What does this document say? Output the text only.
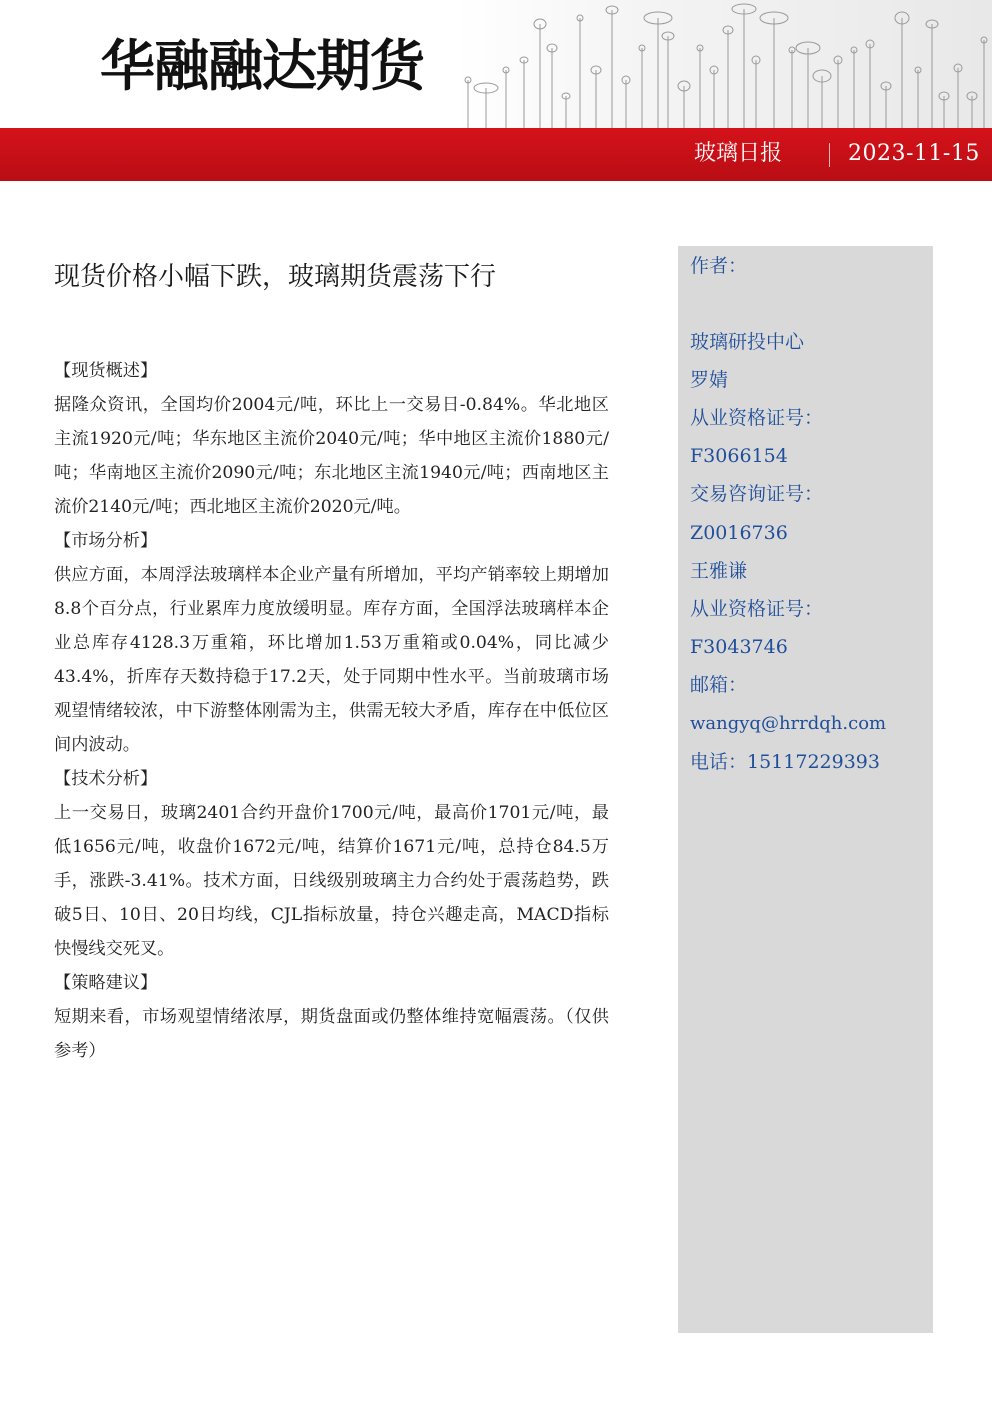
华融融达期货
玻璃日报	2023-11-15
现货价格小幅下跌，玻璃期货震荡下行
【现货概述】

据隆众资讯，全国均价2004元/吨，环比上一交易日-0.84%。华北地区主流1920元/吨；华东地区主流价2040元/吨；华中地区主流价1880元/吨；华南地区主流价2090元/吨；东北地区主流1940元/吨；西南地区主流价2140元/吨；西北地区主流价2020元/吨。

【市场分析】

供应方面，本周浮法玻璃样本企业产量有所增加，平均产销率较上期增加8.8个百分点，行业累库力度放缓明显。库存方面，全国浮法玻璃样本企业总库存4128.3万重箱，环比增加1.53万重箱或0.04%，同比减少43.4%，折库存天数持稳于17.2天，处于同期中性水平。当前玻璃市场观望情绪较浓，中下游整体刚需为主，供需无较大矛盾，库存在中低位区间内波动。

【技术分析】

上一交易日，玻璃2401合约开盘价1700元/吨，最高价1701元/吨，最低1656元/吨，收盘价1672元/吨，结算价1671元/吨，总持仓84.5万手，涨跌-3.41%。技术方面，日线级别玻璃主力合约处于震荡趋势，跌破5日、10日、20日均线，CJL指标放量，持仓兴趣走高，MACD指标快慢线交死叉。

【策略建议】

短期来看，市场观望情绪浓厚，期货盘面或仍整体维持宽幅震荡。（仅供参考）

作者：
玻璃研投中心
罗婧
从业资格证号：
F3066154
交易咨询证号：
Z0016736
王雅谦
从业资格证号：
F3043746
邮箱：
wangyq@hrrdqh.com
电话：15117229393
